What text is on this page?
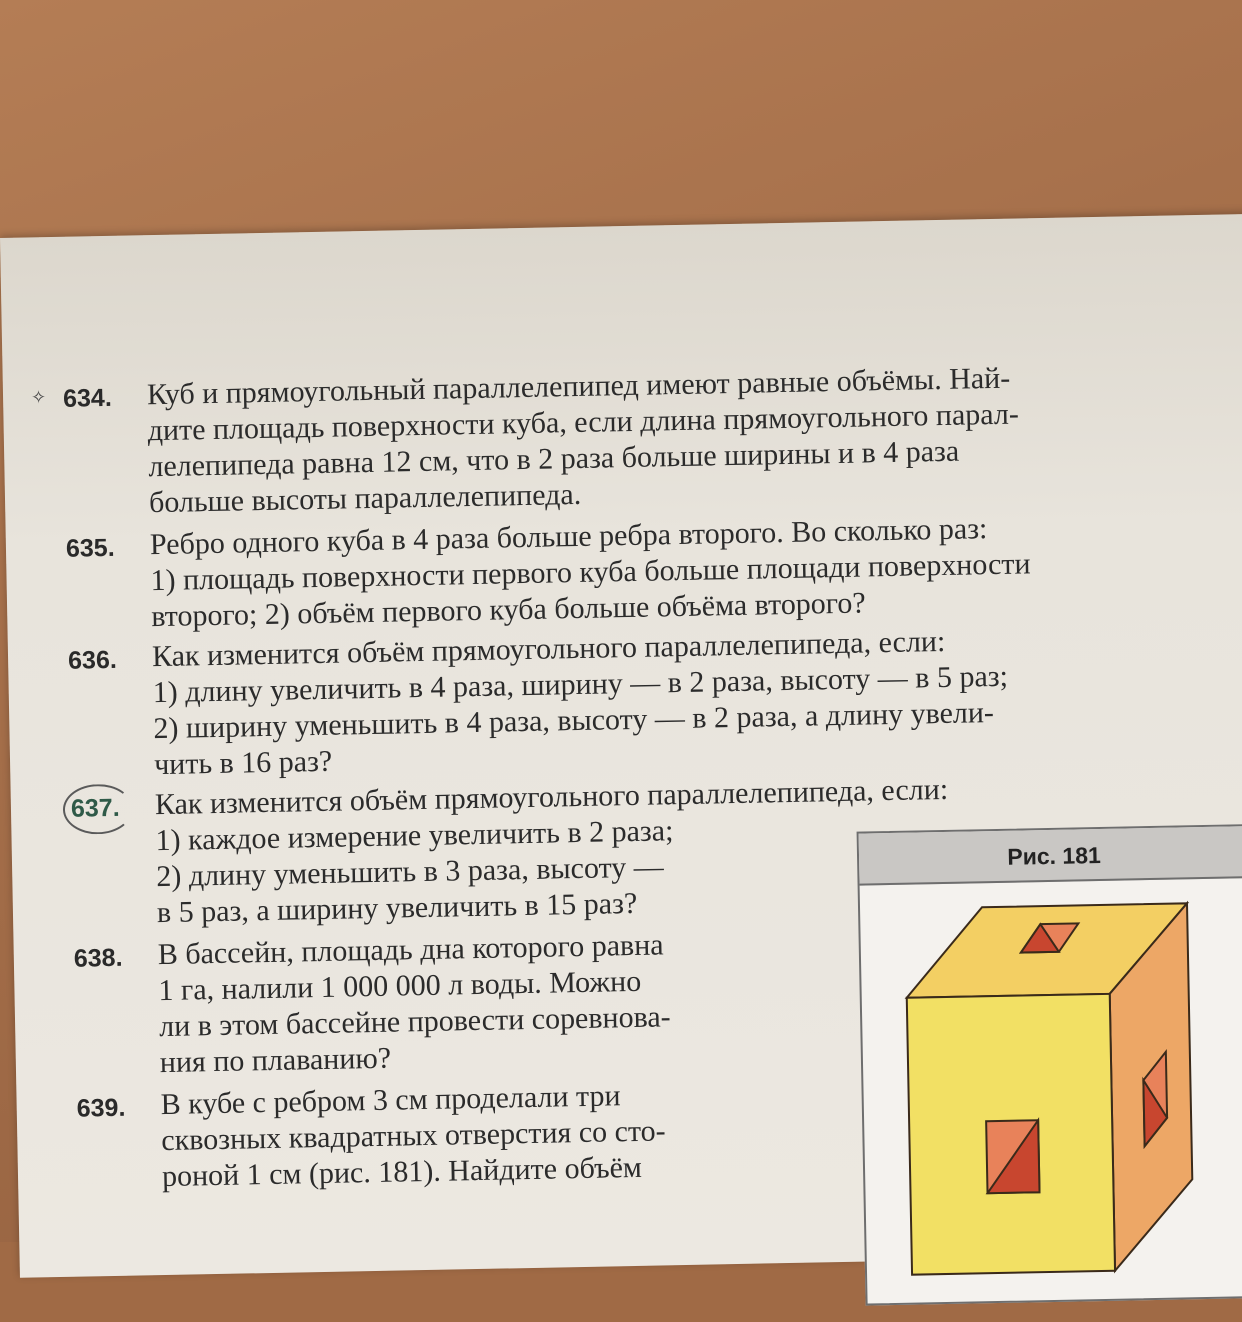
✧ 634. Куб и прямоугольный параллелепипед имеют равные объёмы. Най-
дите площадь поверхности куба, если длина прямоугольного парал-
лелепипеда равна 12 см, что в 2 раза больше ширины и в 4 раза
больше высоты параллелепипеда.
635. Ребро одного куба в 4 раза больше ребра второго. Во сколько раз:
1) площадь поверхности первого куба больше площади поверхности
второго; 2) объём первого куба больше объёма второго?
636. Как изменится объём прямоугольного параллелепипеда, если:
1) длину увеличить в 4 раза, ширину — в 2 раза, высоту — в 5 раз;
2) ширину уменьшить в 4 раза, высоту — в 2 раза, а длину увели-
чить в 16 раз?
637. Как изменится объём прямоугольного параллелепипеда, если:
1) каждое измерение увеличить в 2 раза;
2) длину уменьшить в 3 раза, высоту —
в 5 раз, а ширину увеличить в 15 раз?
638. В бассейн, площадь дна которого равна
1 га, налили 1 000 000 л воды. Можно
ли в этом бассейне провести соревнова-
ния по плаванию?
639. В кубе с ребром 3 см проделали три
сквозных квадратных отверстия со сто-
роной 1 см (рис. 181). Найдите объём
Рис. 181
